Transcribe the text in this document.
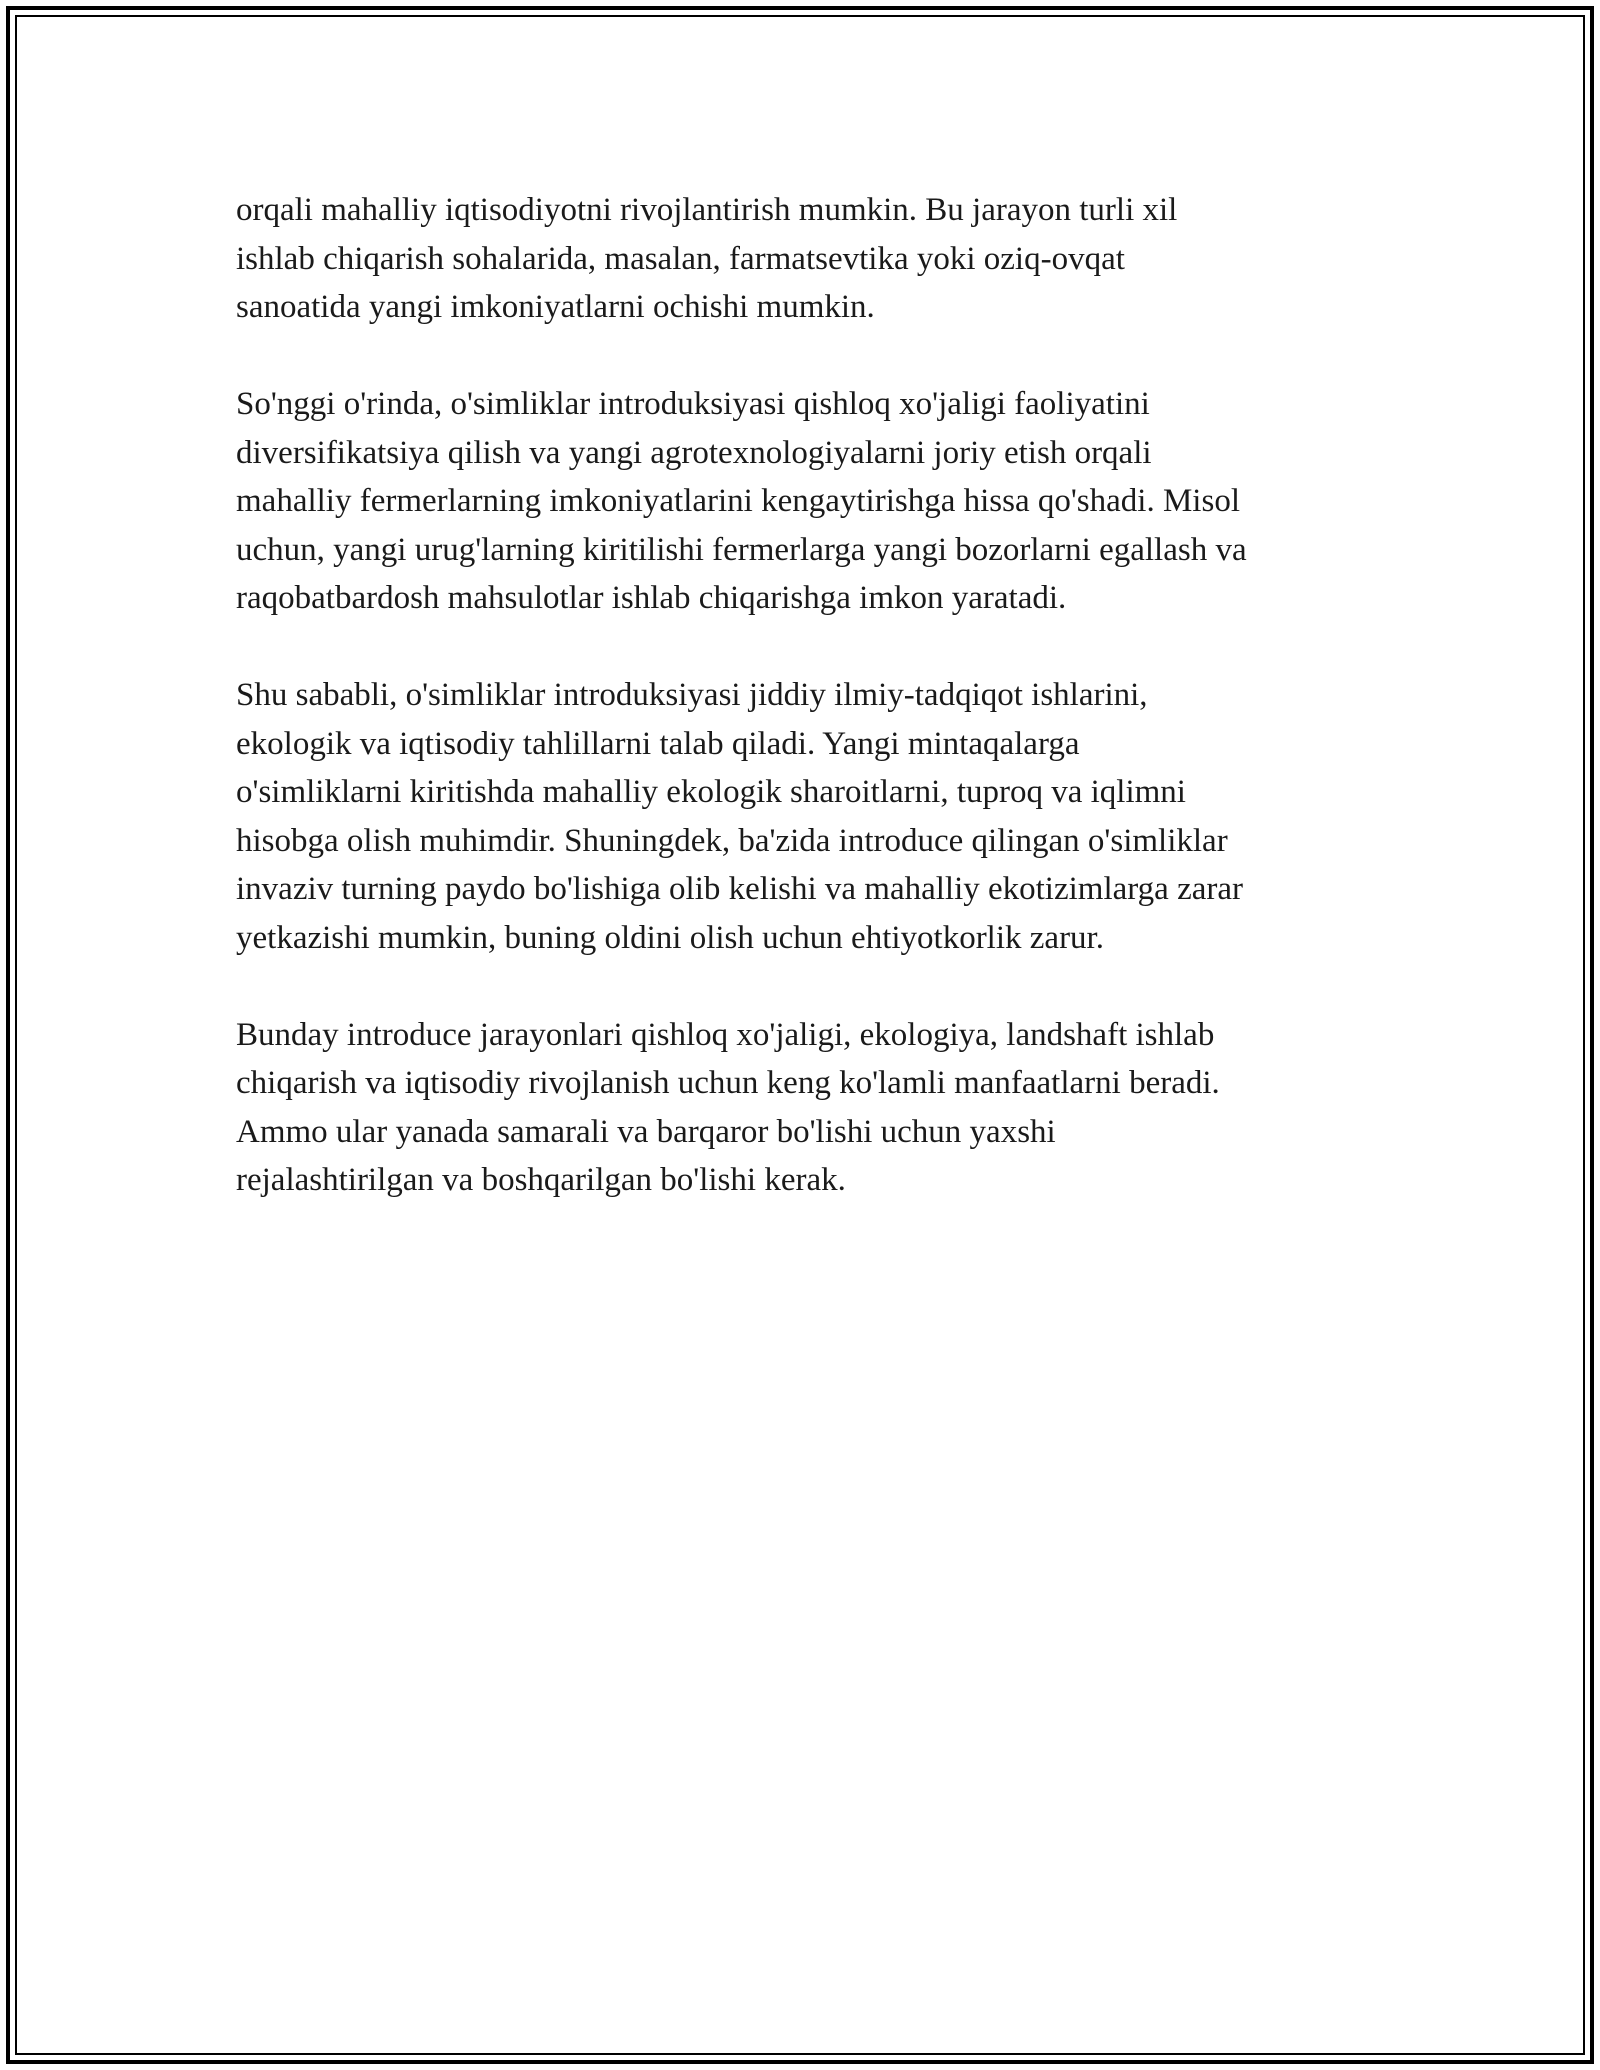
orqali mahalliy iqtisodiyotni rivojlantirish mumkin. Bu jarayon turli xil
ishlab chiqarish sohalarida, masalan, farmatsevtika yoki oziq-ovqat
sanoatida yangi imkoniyatlarni ochishi mumkin.

So'nggi o'rinda, o'simliklar introduksiyasi qishloq xo'jaligi faoliyatini
diversifikatsiya qilish va yangi agrotexnologiyalarni joriy etish orqali
mahalliy fermerlarning imkoniyatlarini kengaytirishga hissa qo'shadi. Misol
uchun, yangi urug'larning kiritilishi fermerlarga yangi bozorlarni egallash va
raqobatbardosh mahsulotlar ishlab chiqarishga imkon yaratadi.

Shu sababli, o'simliklar introduksiyasi jiddiy ilmiy-tadqiqot ishlarini,
ekologik va iqtisodiy tahlillarni talab qiladi. Yangi mintaqalarga
o'simliklarni kiritishda mahalliy ekologik sharoitlarni, tuproq va iqlimni
hisobga olish muhimdir. Shuningdek, ba'zida introduce qilingan o'simliklar
invaziv turning paydo bo'lishiga olib kelishi va mahalliy ekotizimlarga zarar
yetkazishi mumkin, buning oldini olish uchun ehtiyotkorlik zarur.

Bunday introduce jarayonlari qishloq xo'jaligi, ekologiya, landshaft ishlab
chiqarish va iqtisodiy rivojlanish uchun keng ko'lamli manfaatlarni beradi.
Ammo ular yanada samarali va barqaror bo'lishi uchun yaxshi
rejalashtirilgan va boshqarilgan bo'lishi kerak.
